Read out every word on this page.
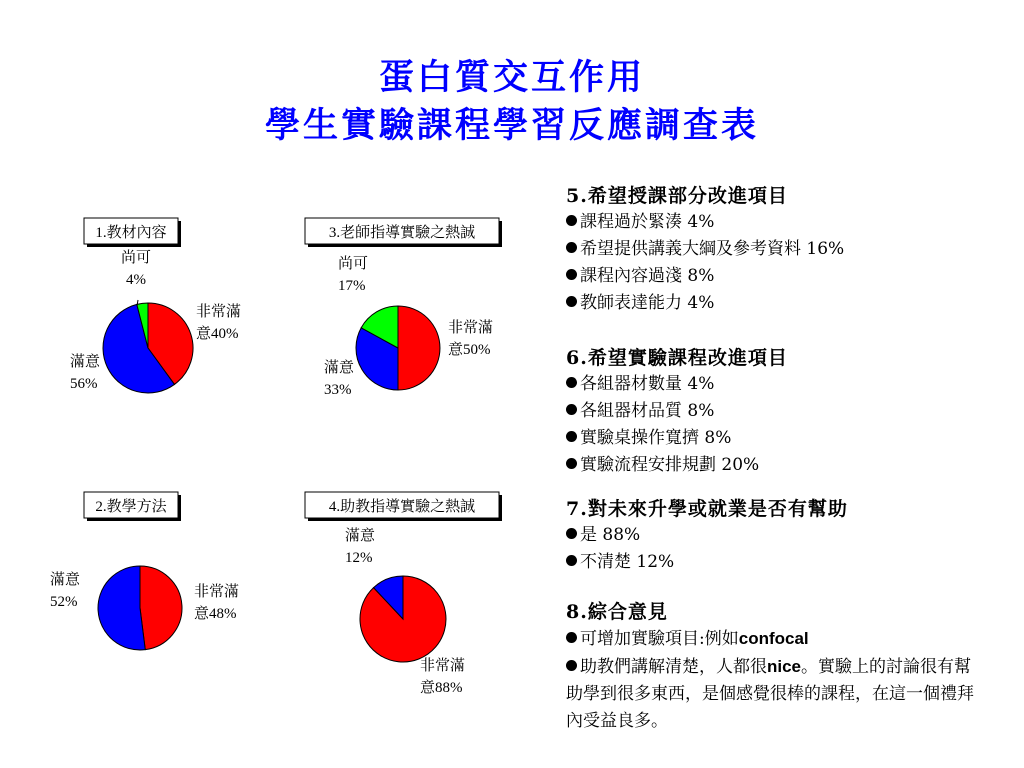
蛋白質交互作用
學生實驗課程學習反應調查表
1.教材內容
非常滿
意40%
滿意
56%
尚可
4%
3.老師指導實驗之熱誠
非常滿
意50%
滿意
33%
尚可
17%
2.教學方法
非常滿
意48%
滿意
52%
4.助教指導實驗之熱誠
非常滿
意88%
滿意
12%
5.希望授課部分改進項目
課程過於緊湊 4%
希望提供講義大綱及參考資料 16%
課程內容過淺 8%
教師表達能力 4%
6.希望實驗課程改進項目
各組器材數量 4%
各組器材品質 8%
實驗桌操作寬擠 8%
實驗流程安排規劃 20%
7.對未來升學或就業是否有幫助
是 88%
不清楚 12%
8.綜合意見
可增加實驗項目:例如confocal
助教們講解清楚，人都很nice。實驗上的討論很有幫助學到很多東西，是個感覺很棒的課程，在這一個禮拜內受益良多。
